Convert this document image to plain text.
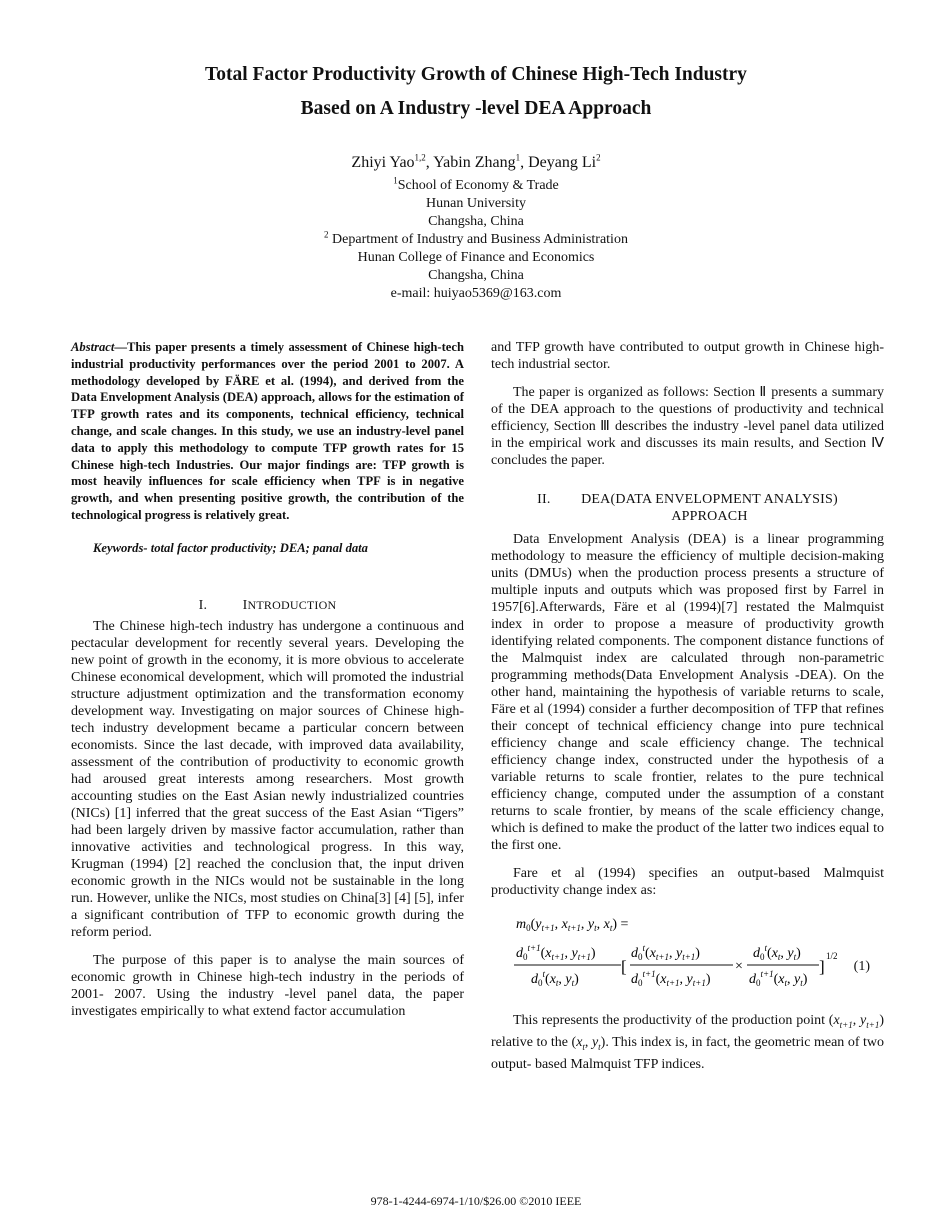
Total Factor Productivity Growth of Chinese High-Tech Industry
Based on A Industry -level DEA Approach
Zhiyi Yao$^{1,2}$, Yabin Zhang$^1$, Deyang Li$^2$
$^1$School of Economy & Trade
Hunan University
Changsha, China
$^2$ Department of Industry and Business Administration
Hunan College of Finance and Economics
Changsha, China
e-mail: huiyao5369@163.com
Abstract—This paper presents a timely assessment of Chinese high-tech industrial productivity performances over the period 2001 to 2007. A methodology developed by FÄRE et al. (1994), and derived from the Data Envelopment Analysis (DEA) approach, allows for the estimation of TFP growth rates and its components, technical efficiency, technical change, and scale changes. In this study, we use an industry-level panel data to apply this methodology to compute TFP growth rates for 15 Chinese high-tech Industries. Our major findings are: TFP growth is most heavily influences for scale efficiency when TPF is in negative growth, and when presenting positive growth, the contribution of the technological progress is relatively great.
Keywords- total factor productivity; DEA; panal data
I.	INTRODUCTION

The Chinese high-tech industry has undergone a continuous and pectacular development for recently several years. Developing the new point of growth in the economy, it is more obvious to accelerate Chinese economical development, which will promoted the industrial structure adjustment optimization and the transformation economy development way. Investigating on major sources of Chinese high-tech industry development became a particular concern between economists. Since the last decade, with improved data availability, assessment of the contribution of productivity to economic growth had aroused great interests among researchers. Most growth accounting studies on the East Asian newly industrialized countries (NICs) [1] inferred that the great success of the East Asian “Tigers” had been largely driven by massive factor accumulation, rather than innovative activities and technological progress. In this way, Krugman (1994) [2] reached the conclusion that, the input driven economic growth in the NICs would not be sustainable in the long run. However, unlike the NICs, most studies on China[3] [4] [5], infer a significant contribution of TFP to economic growth during the reform period.

The purpose of this paper is to analyse the main sources of economic growth in Chinese high-tech industry in the periods of 2001- 2007. Using the industry -level panel data, the paper investigates empirically to what extend factor accumulation

and TFP growth have contributed to output growth in Chinese high-tech industrial sector.

The paper is organized as follows: Section Ⅱ presents a summary of the DEA approach to the questions of productivity and technical efficiency, Section Ⅲ describes the industry -level panel data utilized in the empirical work and discusses its main results, and Section Ⅳ concludes the paper.

II. DEA(DATA ENVELOPMENT ANALYSIS)
APPROACH

Data Envelopment Analysis (DEA) is a linear programming methodology to measure the efficiency of multiple decision-making units (DMUs) when the production process presents a structure of multiple inputs and outputs which was proposed first by Farrel in 1957[6].Afterwards, Färe et al (1994)[7] restated the Malmquist index in order to propose a measure of productivity growth identifying related components. The component distance functions of the Malmquist index are calculated through non-parametric programming methods(Data Envelopment Analysis -DEA). On the other hand, maintaining the hypothesis of variable returns to scale, Färe et al (1994) consider a further decomposition of TFP that refines their concept of technical efficiency change into pure technical efficiency change and scale efficiency change. The technical efficiency change index, constructed under the hypothesis of a variable returns to scale frontier, relates to the pure technical efficiency change, computed under the assumption of a constant returns to scale frontier, by means of the scale efficiency change, which is defined to make the product of the latter two indices equal to the first one.

Fare et al (1994) specifies an output-based Malmquist productivity change index as:

$m_0(y_{t+1}$, $x_{t+1}$, $y_t$, $x_t$) =
$d_0^{t+1}(x_{t+1}$, $y_{t+1}$)
$d_0^t(x_t$, $y_t$)
[
$d_0^t(x_{t+1}$, $y_{t+1}$)
$d_0^{t+1}(x_{t+1}$, $y_{t+1}$)
×
$d_0^t(x_t$, $y_t$)
$d_0^{t+1}(x_t$, $y_t$)
]
1/2
(1)

This represents the productivity of the production point ($x_{t+1}$, $y_{t+1}$) relative to the ($x_t$, $y_t$). This index is, in fact, the geometric mean of two output- based Malmquist TFP indices.

978-1-4244-6974-1/10/$26.00 ©2010 IEEE
